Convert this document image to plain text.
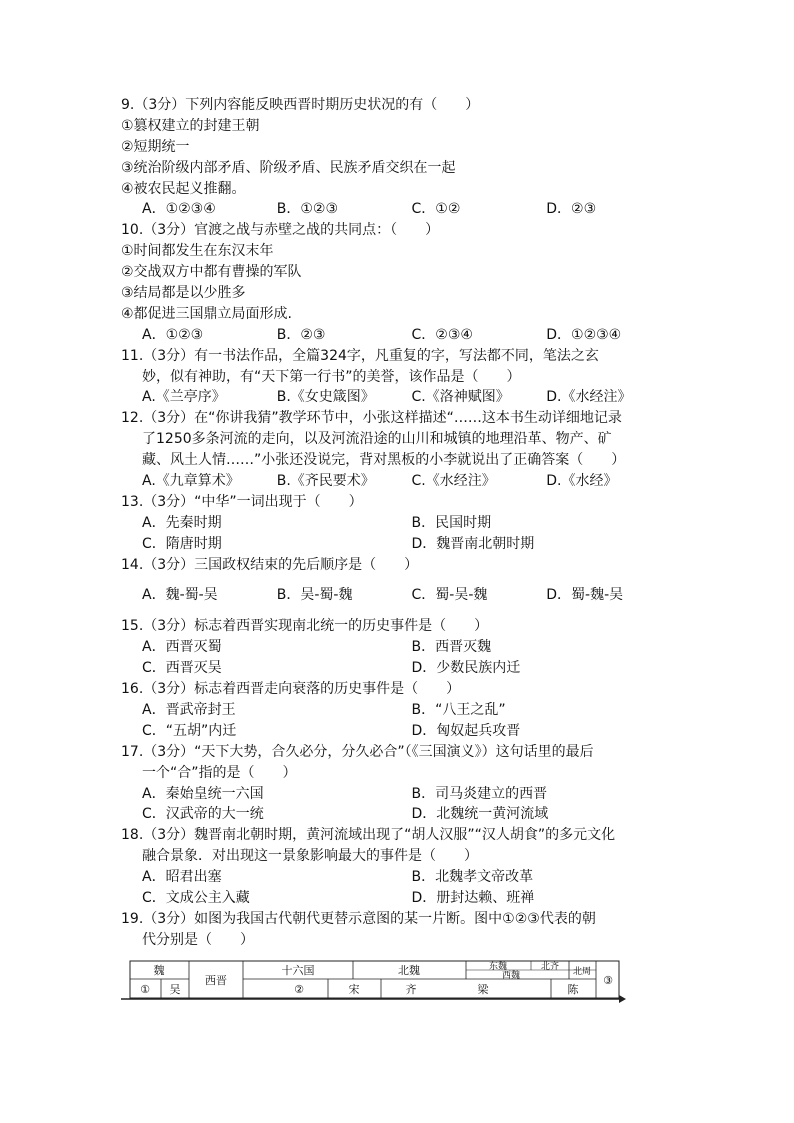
9.（3分）下列内容能反映西晋时期历史状况的有（　　）
①篡权建立的封建王朝
②短期统一
③统治阶级内部矛盾、阶级矛盾、民族矛盾交织在一起
④被农民起义推翻。
A．①②③④	B．①②③	C．①②	D．②③
10.（3分）官渡之战与赤壁之战的共同点：（　　）
①时间都发生在东汉末年
②交战双方中都有曹操的军队
③结局都是以少胜多
④都促进三国鼎立局面形成.
A．①②③	B．②③	C．②③④	D．①②③④
11.（3分）有一书法作品，全篇324字，凡重复的字，写法都不同，笔法之玄
妙，似有神助，有“天下第一行书”的美誉，该作品是（　　）
A.《兰亭序》	B.《女史箴图》	C.《洛神赋图》	D.《水经注》
12.（3分）在“你讲我猜”教学环节中，小张这样描述“……这本书生动详细地记录
了1250多条河流的走向，以及河流沿途的山川和城镇的地理沿革、物产、矿
藏、风土人情……”小张还没说完，背对黑板的小李就说出了正确答案（　　）
A.《九章算术》	B.《齐民要术》	C.《水经注》	D.《水经》
13.（3分）“中华”一词出现于（　　）
A．先秦时期	B．民国时期
C．隋唐时期	D．魏晋南北朝时期
14.（3分）三国政权结束的先后顺序是（　　）
A．魏-蜀-吴	B．吴-蜀-魏	C．蜀-吴-魏	D．蜀-魏-吴
15.（3分）标志着西晋实现南北统一的历史事件是（　　）
A．西晋灭蜀	B．西晋灭魏
C．西晋灭吴	D．少数民族内迁
16.（3分）标志着西晋走向衰落的历史事件是（　　）
A．晋武帝封王	B．“八王之乱”
C．“五胡”内迁	D．匈奴起兵攻晋
17.（3分）“天下大势，合久必分，分久必合”（《三国演义》）这句话里的最后
一个“合”指的是（　　）
A．秦始皇统一六国	B．司马炎建立的西晋
C．汉武帝的大一统	D．北魏统一黄河流域
18.（3分）魏晋南北朝时期，黄河流域出现了“胡人汉服”“汉人胡食”的多元文化
融合景象．对出现这一景象影响最大的事件是（　　）
A．昭君出塞	B．北魏孝文帝改革
C．文成公主入藏	D．册封达赖、班禅
19.（3分）如图为我国古代朝代更替示意图的某一片断。图中①②③代表的朝
代分别是（　　）
魏
① 吴
西晋
十六国
②
北魏
宋	齐
东魏
西魏
北齐
梁
北周
陈
③
